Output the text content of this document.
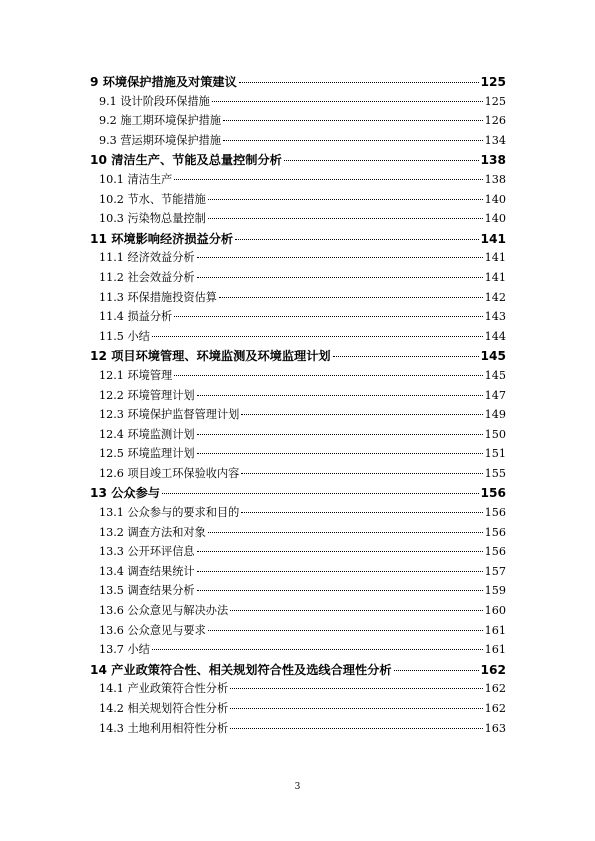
9 环境保护措施及对策建议	125
9.1 设计阶段环保措施	125
9.2 施工期环境保护措施	126
9.3 营运期环境保护措施	134
10 清洁生产、节能及总量控制分析	138
10.1 清洁生产	138
10.2 节水、节能措施	140
10.3 污染物总量控制	140
11 环境影响经济损益分析	141
11.1 经济效益分析	141
11.2 社会效益分析	141
11.3 环保措施投资估算	142
11.4 损益分析	143
11.5 小结	144
12 项目环境管理、环境监测及环境监理计划	145
12.1 环境管理	145
12.2 环境管理计划	147
12.3 环境保护监督管理计划	149
12.4 环境监测计划	150
12.5 环境监理计划	151
12.6 项目竣工环保验收内容	155
13 公众参与	156
13.1 公众参与的要求和目的	156
13.2 调查方法和对象	156
13.3 公开环评信息	156
13.4 调查结果统计	157
13.5 调查结果分析	159
13.6 公众意见与解决办法	160
13.6 公众意见与要求	161
13.7 小结	161
14 产业政策符合性、相关规划符合性及选线合理性分析	162
14.1 产业政策符合性分析	162
14.2 相关规划符合性分析	162
14.3 土地利用相符性分析	163
3
